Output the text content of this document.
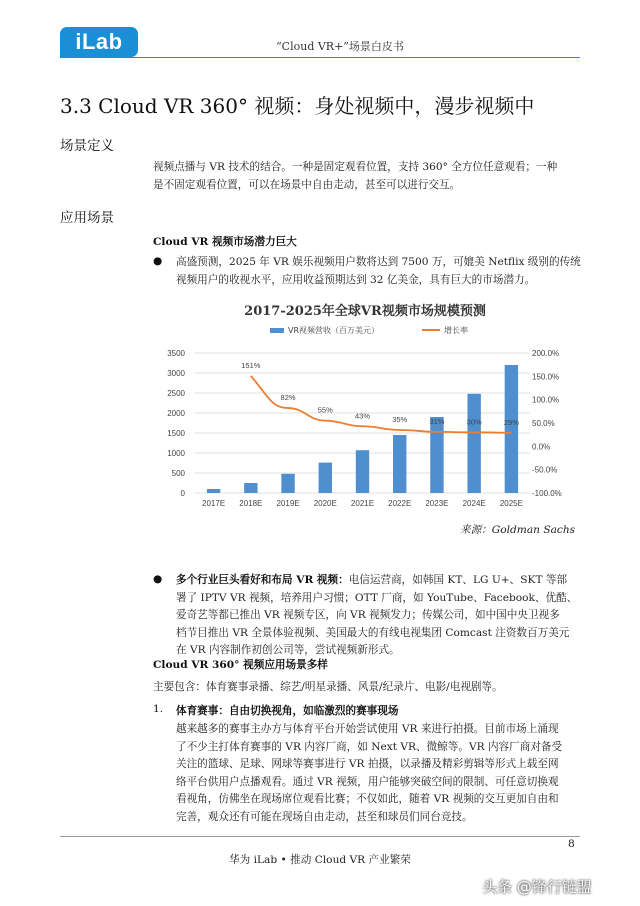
iLab	“Cloud VR+”场景白皮书
3.3 Cloud VR 360° 视频：身处视频中，漫步视频中
场景定义
视频点播与 VR 技术的结合。一种是固定观看位置，支持 360° 全方位任意观看；一种
是不固定观看位置，可以在场景中自由走动，甚至可以进行交互。
应用场景
Cloud VR 视频市场潜力巨大
● 高盛预测，2025 年 VR 娱乐视频用户数将达到 7500 万，可媲美 Netflix 级别的传统
视频用户的收视水平，应用收益预期达到 32 亿美金，具有巨大的市场潜力。
2017-2025年全球VR视频市场规模预测
0
500
1000
1500
2000
2500
3000
3500
-100.0%
-50.0%
0.0%
50.0%
100.0%
150.0%
200.0%
2017E 2018E 2019E 2020E 2021E 2022E 2023E 2024E 2025E
151%
82%
55%
43%	35%	31%	30%	29%
VR视频营收（百万美元）	增长率
来源：Goldman Sachs
● 多个行业巨头看好和布局 VR 视频：电信运营商，如韩国 KT、LG U+、SKT 等部
署了 IPTV VR 视频，培养用户习惯；OTT 厂商，如 YouTube、Facebook、优酷、
爱奇艺等都已推出 VR 视频专区，向 VR 视频发力；传媒公司，如中国中央卫视多
档节目推出 VR 全景体验视频、美国最大的有线电视集团 Comcast 注资数百万美元
在 VR 内容制作初创公司等，尝试视频新形式。
Cloud VR 360° 视频应用场景多样
主要包含：体育赛事录播、综艺/明星录播、风景/纪录片、电影/电视剧等。
1. 体育赛事：自由切换视角，如临激烈的赛事现场
越来越多的赛事主办方与体育平台开始尝试使用 VR 来进行拍摄。目前市场上涌现
了不少主打体育赛事的 VR 内容厂商，如 Next VR、微鲸等。VR 内容厂商对备受
关注的篮球、足球、网球等赛事进行 VR 拍摄，以录播及精彩剪辑等形式上载至网
络平台供用户点播观看。通过 VR 视频，用户能够突破空间的限制、可任意切换观
看视角，仿佛坐在现场席位观看比赛；不仅如此，随着 VR 视频的交互更加自由和
完善，观众还有可能在现场自由走动，甚至和球员们同台竞技。
8
华为 iLab • 推动 Cloud VR 产业繁荣
头条 @锋行链盟
